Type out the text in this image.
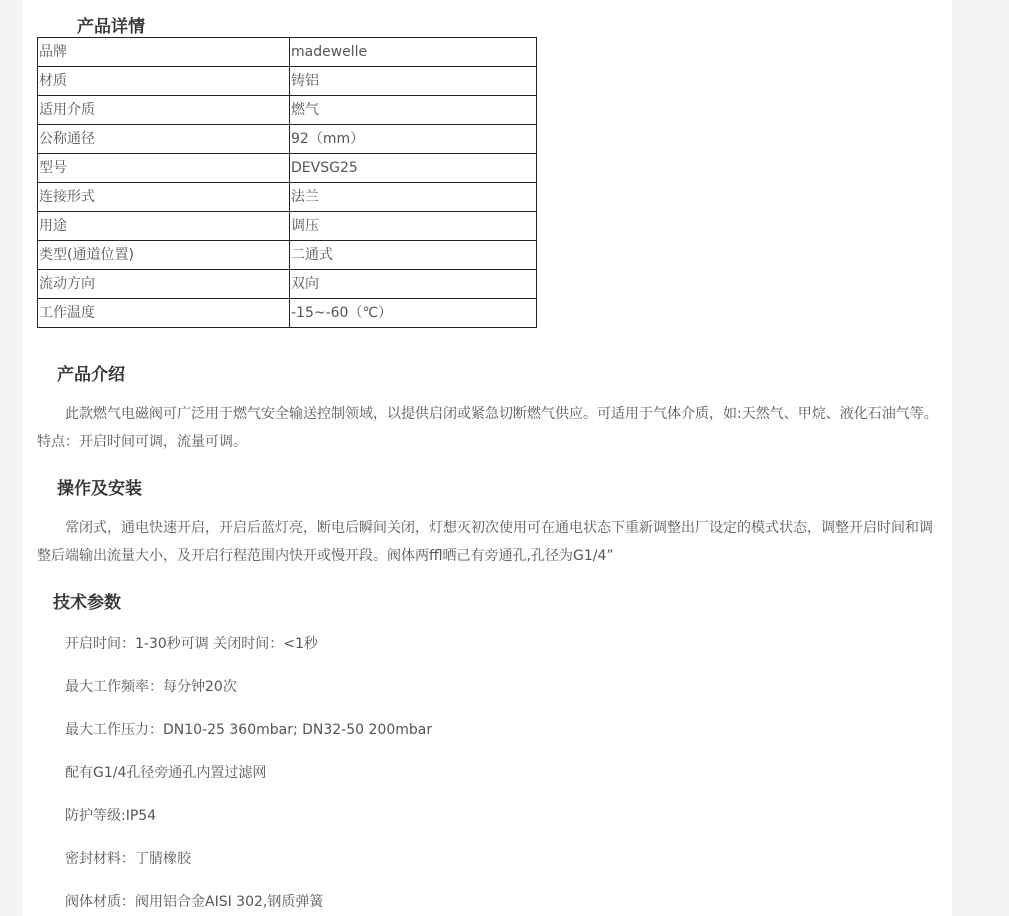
产品详情
品牌	madewelle
材质	铸铝
适用介质	燃气
公称通径	92（mm）
型号	DEVSG25
连接形式	法兰
用途	调压
类型(通道位置)	二通式
流动方向	双向
工作温度	-15~-60（℃）
产品介绍

此款燃气电磁阀可广泛用于燃气安全输送控制领域，以提供启闭或紧急切断燃气供应。可适用于气体介质，如:天然气、甲烷、液化石油气等。特点：开启时间可调，流量可调。

操作及安装

常闭式，通电快速开启，开启后蓝灯亮，断电后瞬间关闭，灯想灭初次使用可在通电状态下重新调整出厂设定的模式状态，调整开启时间和调整后端输出流量大小，及开启行程范围内快开或慢开段。阀体两ffl晒己有旁通孔,孔径为G1/4”

技术参数

开启时间：1-30秒可调 关闭时间：<1秒

最大工作频率：每分钟20次

最大工作压力：DN10-25 360mbar; DN32-50 200mbar

配有G1/4孔径旁通孔内置过滤网

防护等级:IP54

密封材料：丁腈橡胶

阀体材质：阀用铝合金AISI 302,钢质弹簧
